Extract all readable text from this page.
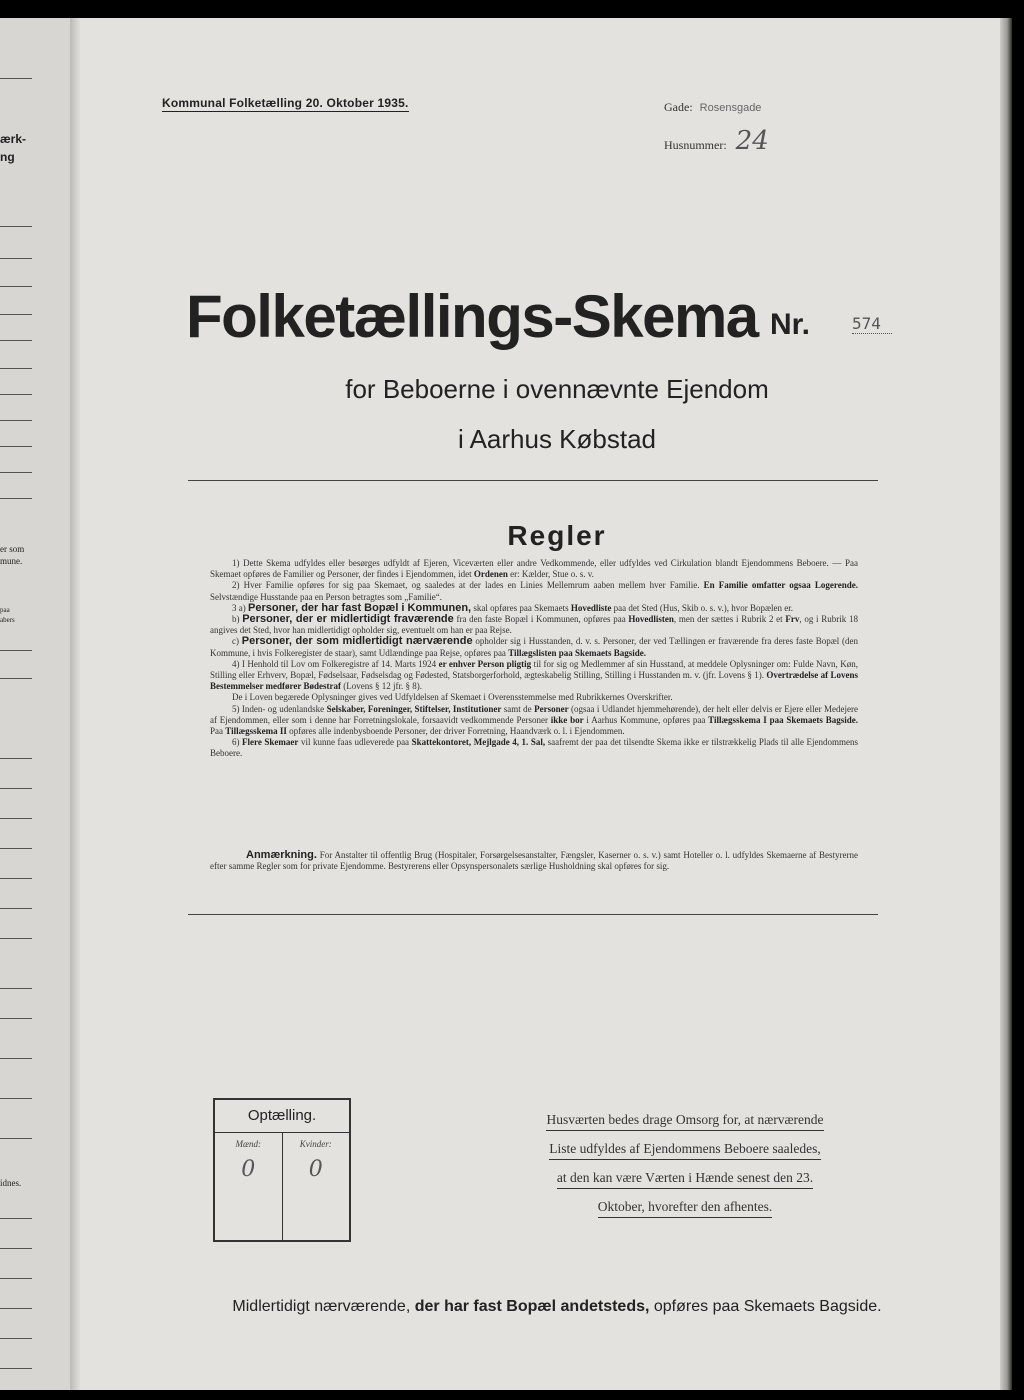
ærk-
ng
er som
mune.
paa
abers
idnes.
Kommunal Folketælling 20. Oktober 1935.	Gade: Rosensgade
Husnummer: 24
Folketællings-Skema Nr.	574
for Beboerne i ovennævnte Ejendom
i Aarhus Købstad
Regler

1) Dette Skema udfyldes eller besørges udfyldt af Ejeren, Viceværten eller andre Vedkommende, eller udfyldes ved Cirkulation blandt Ejendommens Beboere. — Paa Skemaet opføres de Familier og Personer, der findes i Ejendommen, idet Ordenen er: Kælder, Stue o. s. v.

2) Hver Familie opføres for sig paa Skemaet, og saaledes at der lades en Linies Mellemrum aaben mellem hver Familie. En Familie omfatter ogsaa Logerende. Selvstændige Husstande paa en Person betragtes som „Familie“.

3 a) Personer, der har fast Bopæl i Kommunen, skal opføres paa Skemaets Hovedliste paa det Sted (Hus, Skib o. s. v.), hvor Bopælen er.

b) Personer, der er midlertidigt fraværende fra den faste Bopæl i Kommunen, opføres paa Hovedlisten, men der sættes i Rubrik 2 et Frv, og i Rubrik 18 angives det Sted, hvor han midlertidigt opholder sig, eventuelt om han er paa Rejse.

c) Personer, der som midlertidigt nærværende opholder sig i Husstanden, d. v. s. Personer, der ved Tællingen er fraværende fra deres faste Bopæl (den Kommune, i hvis Folkeregister de staar), samt Udlændinge paa Rejse, opføres paa Tillægslisten paa Skemaets Bagside.

4) I Henhold til Lov om Folkeregistre af 14. Marts 1924 er enhver Person pligtig til for sig og Medlemmer af sin Husstand, at meddele Oplysninger om: Fulde Navn, Køn, Stilling eller Erhverv, Bopæl, Fødselsaar, Fødselsdag og Fødested, Statsborgerforhold, ægteskabelig Stilling, Stilling i Husstanden m. v. (jfr. Lovens § 1). Overtrædelse af Lovens Bestemmelser medfører Bødestraf (Lovens § 12 jfr. § 8).

De i Loven begærede Oplysninger gives ved Udfyldelsen af Skemaet i Overensstemmelse med Rubrikkernes Overskrifter.

5) Inden- og udenlandske Selskaber, Foreninger, Stiftelser, Institutioner samt de Personer (ogsaa i Udlandet hjemmehørende), der helt eller delvis er Ejere eller Medejere af Ejendommen, eller som i denne har Forretningslokale, forsaavidt vedkommende Personer ikke bor i Aarhus Kommune, opføres paa Tillægsskema I paa Skemaets Bagside. Paa Tillægsskema II opføres alle indenbysboende Personer, der driver Forretning, Haandværk o. l. i Ejendommen.

6) Flere Skemaer vil kunne faas udleverede paa Skattekontoret, Mejlgade 4, 1. Sal, saafremt der paa det tilsendte Skema ikke er tilstrækkelig Plads til alle Ejendommens Beboere.

Anmærkning. For Anstalter til offentlig Brug (Hospitaler, Forsørgelsesanstalter, Fængsler, Kaserner o. s. v.) samt Hoteller o. l. udfyldes Skemaerne af Bestyrerne efter samme Regler som for private Ejendomme. Bestyrerens eller Opsynspersonalets særlige Husholdning skal opføres for sig.
Optælling.
Mænd:
0
Kvinder:
0
Husværten bedes drage Omsorg for, at nærværende
Liste udfyldes af Ejendommens Beboere saaledes,
at den kan være Værten i Hænde senest den 23.
Oktober, hvorefter den afhentes.
Midlertidigt nærværende, der har fast Bopæl andetsteds, opføres paa Skemaets Bagside.
